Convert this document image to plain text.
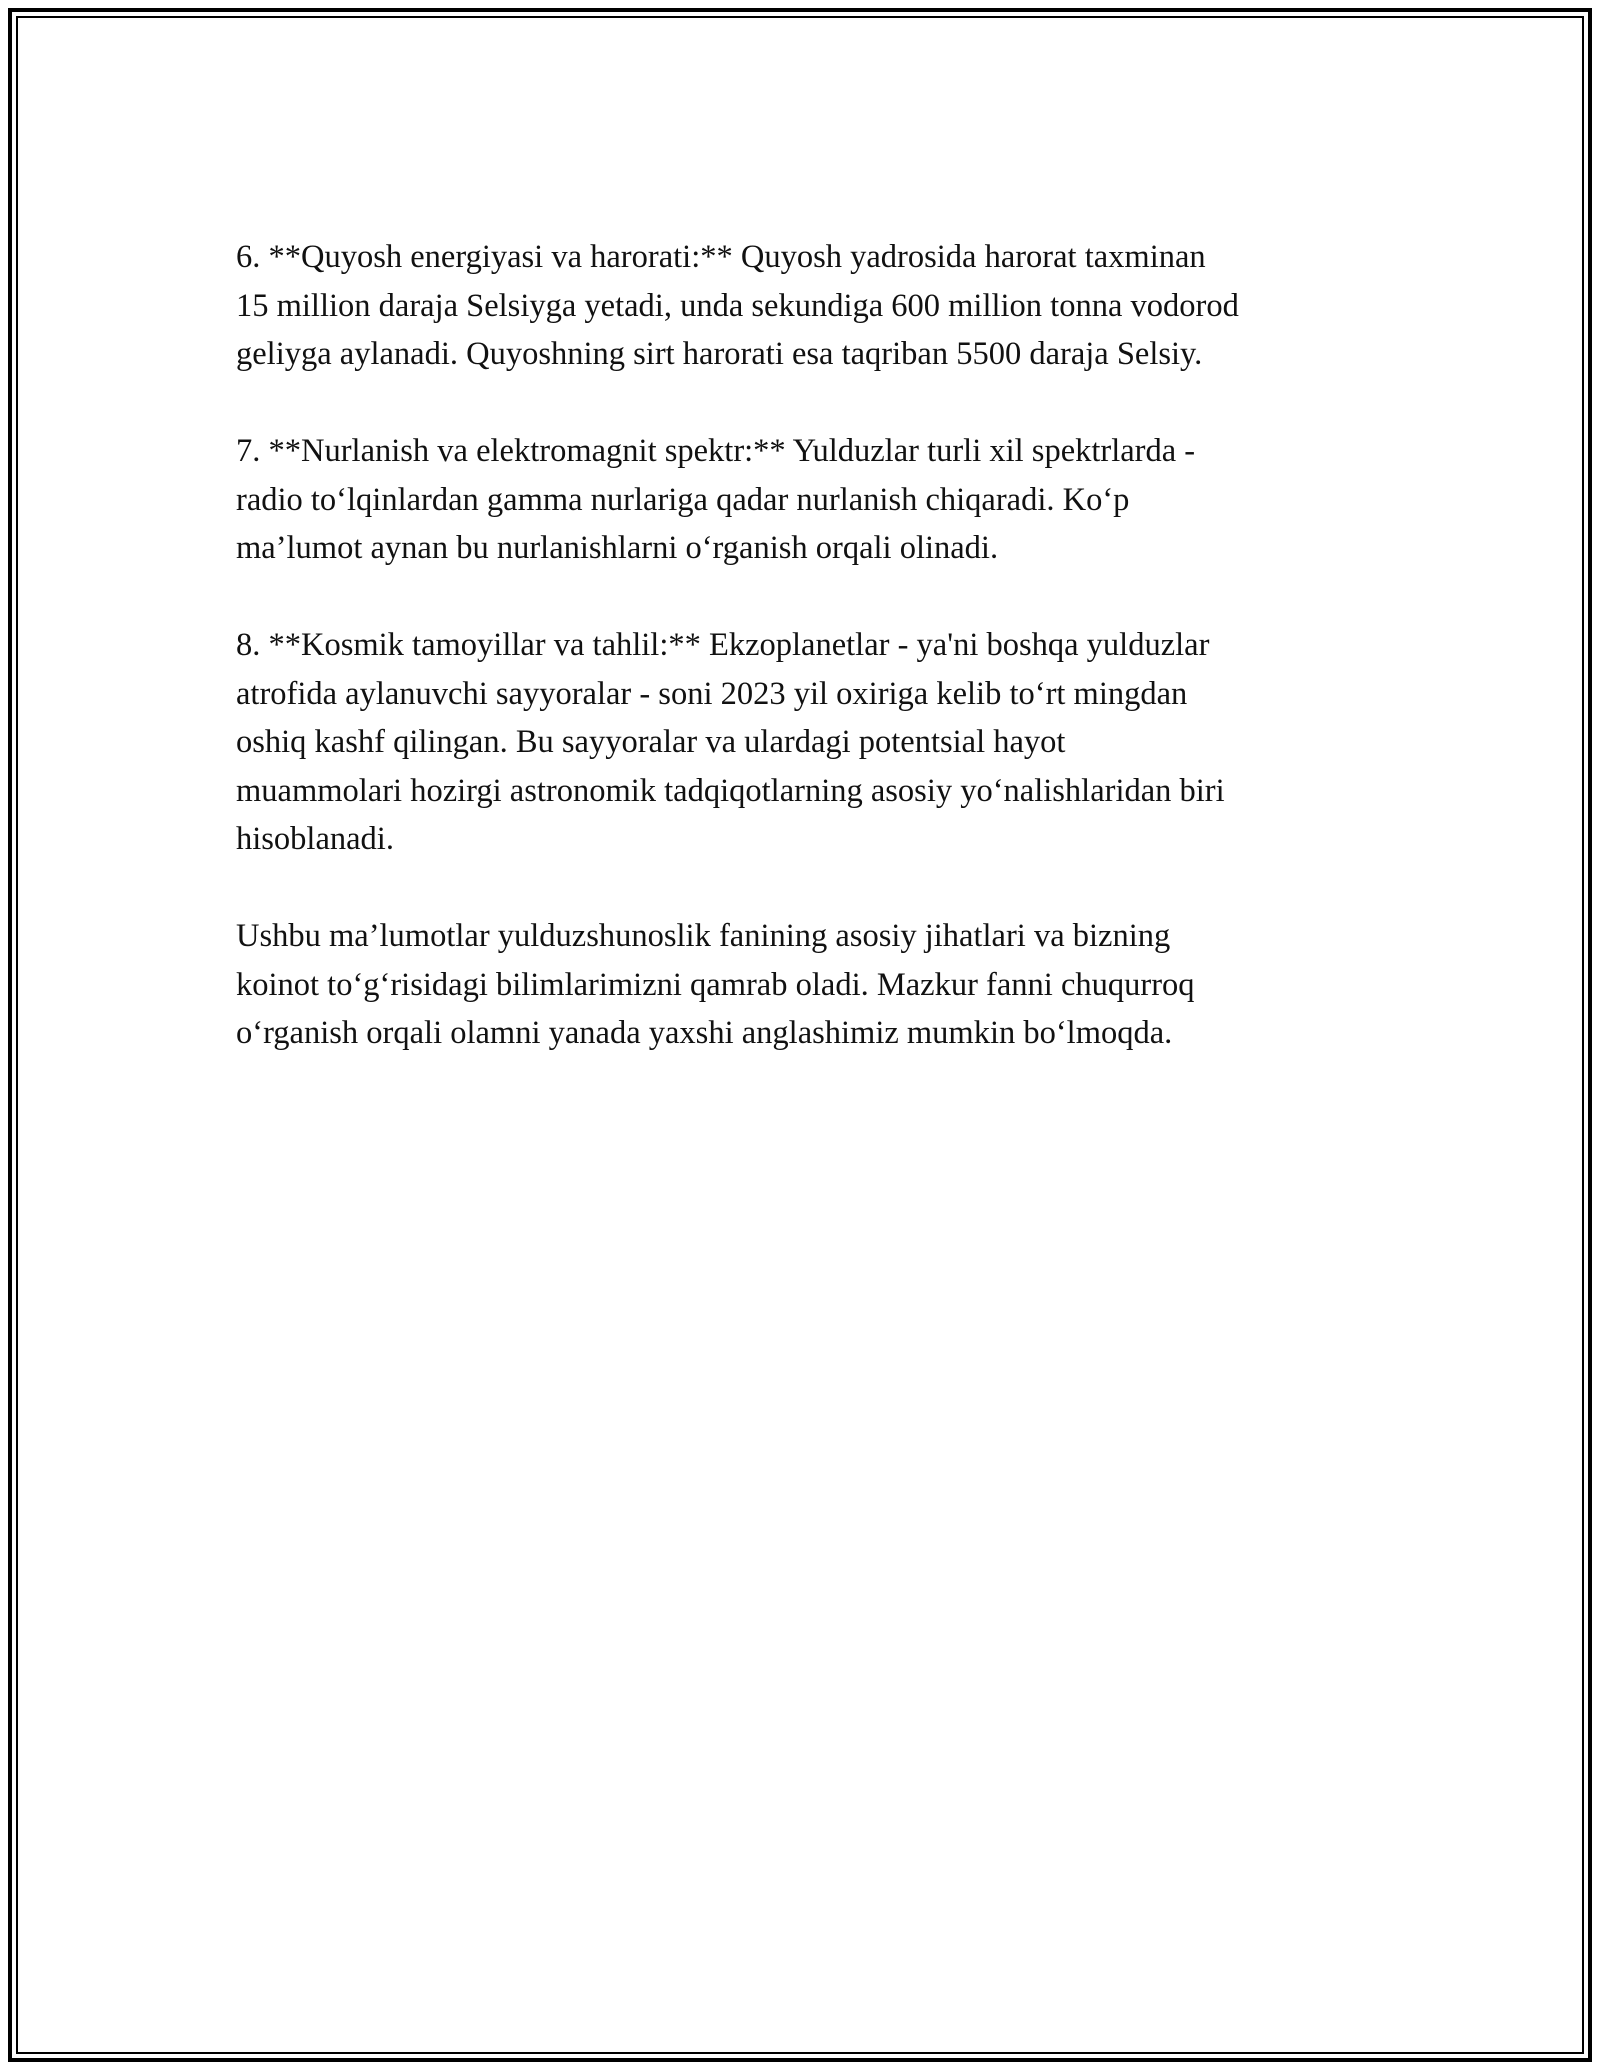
6. **Quyosh energiyasi va harorati:** Quyosh yadrosida harorat taxminan
15 million daraja Selsiyga yetadi, unda sekundiga 600 million tonna vodorod
geliyga aylanadi. Quyoshning sirt harorati esa taqriban 5500 daraja Selsiy.

7. **Nurlanish va elektromagnit spektr:** Yulduzlar turli xil spektrlarda -
radio to‘lqinlardan gamma nurlariga qadar nurlanish chiqaradi. Ko‘p
ma’lumot aynan bu nurlanishlarni o‘rganish orqali olinadi.

8. **Kosmik tamoyillar va tahlil:** Ekzoplanetlar - ya'ni boshqa yulduzlar
atrofida aylanuvchi sayyoralar - soni 2023 yil oxiriga kelib to‘rt mingdan
oshiq kashf qilingan. Bu sayyoralar va ulardagi potentsial hayot
muammolari hozirgi astronomik tadqiqotlarning asosiy yo‘nalishlaridan biri
hisoblanadi.

Ushbu ma’lumotlar yulduzshunoslik fanining asosiy jihatlari va bizning
koinot to‘g‘risidagi bilimlarimizni qamrab oladi. Mazkur fanni chuqurroq
o‘rganish orqali olamni yanada yaxshi anglashimiz mumkin bo‘lmoqda.
